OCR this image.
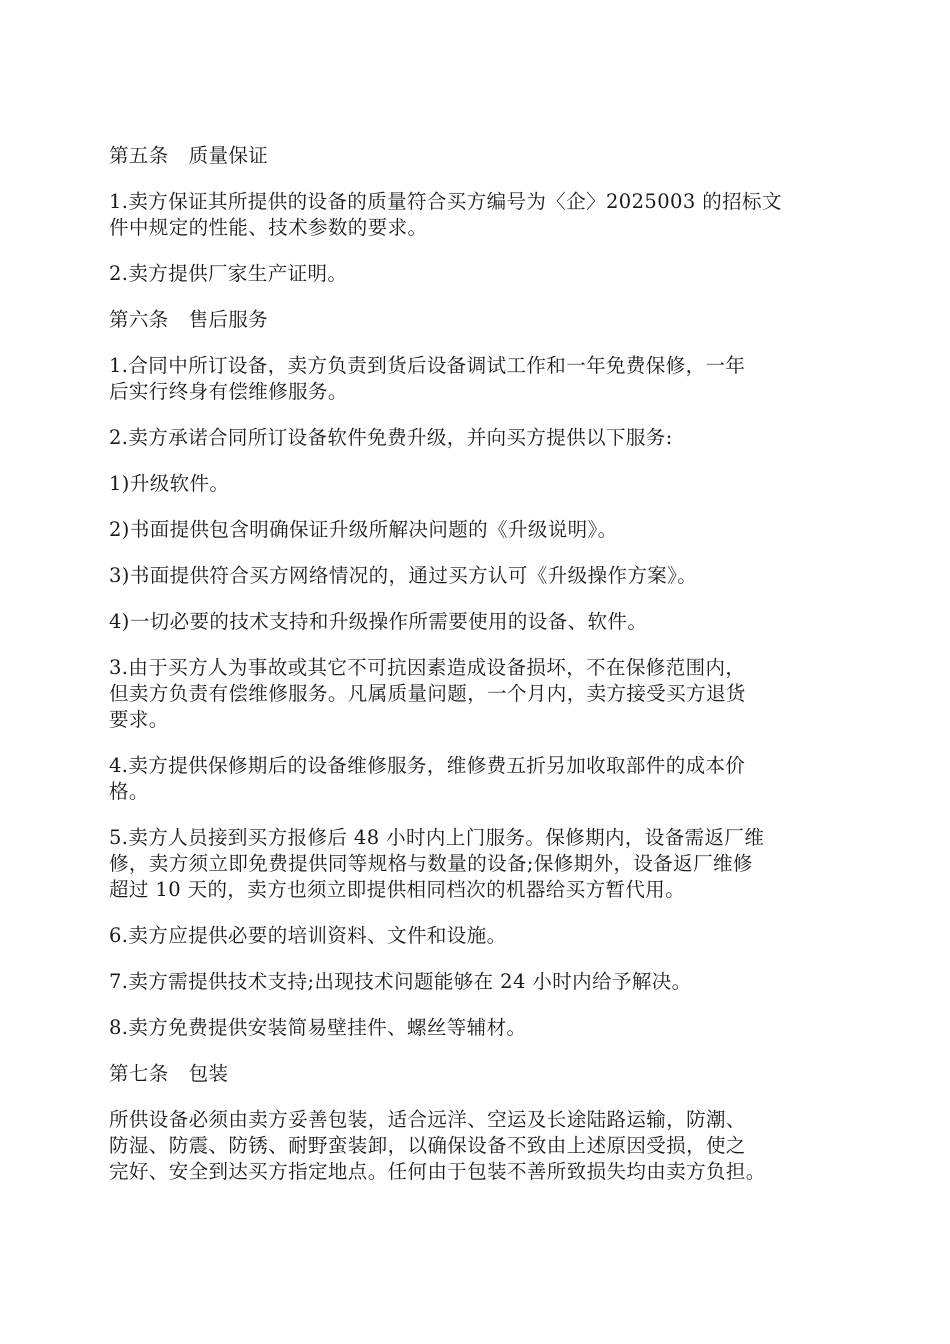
第五条　质量保证

1.卖方保证其所提供的设备的质量符合买方编号为〈企〉2025003 的招标文

件中规定的性能、技术参数的要求。

2.卖方提供厂家生产证明。

第六条　售后服务

1.合同中所订设备，卖方负责到货后设备调试工作和一年免费保修，一年

后实行终身有偿维修服务。

2.卖方承诺合同所订设备软件免费升级，并向买方提供以下服务:

1)升级软件。

2)书面提供包含明确保证升级所解决问题的《升级说明》。

3)书面提供符合买方网络情况的，通过买方认可《升级操作方案》。

4)一切必要的技术支持和升级操作所需要使用的设备、软件。

3.由于买方人为事故或其它不可抗因素造成设备损坏，不在保修范围内，

但卖方负责有偿维修服务。凡属质量问题，一个月内，卖方接受买方退货

要求。

4.卖方提供保修期后的设备维修服务，维修费五折另加收取部件的成本价

格。

5.卖方人员接到买方报修后 48 小时内上门服务。保修期内，设备需返厂维

修，卖方须立即免费提供同等规格与数量的设备;保修期外，设备返厂维修

超过 10 天的，卖方也须立即提供相同档次的机器给买方暂代用。

6.卖方应提供必要的培训资料、文件和设施。

7.卖方需提供技术支持;出现技术问题能够在 24 小时内给予解决。

8.卖方免费提供安装简易壁挂件、螺丝等辅材。

第七条　包装

所供设备必须由卖方妥善包装，适合远洋、空运及长途陆路运输，防潮、

防湿、防震、防锈、耐野蛮装卸，以确保设备不致由上述原因受损，使之

完好、安全到达买方指定地点。任何由于包装不善所致损失均由卖方负担。
